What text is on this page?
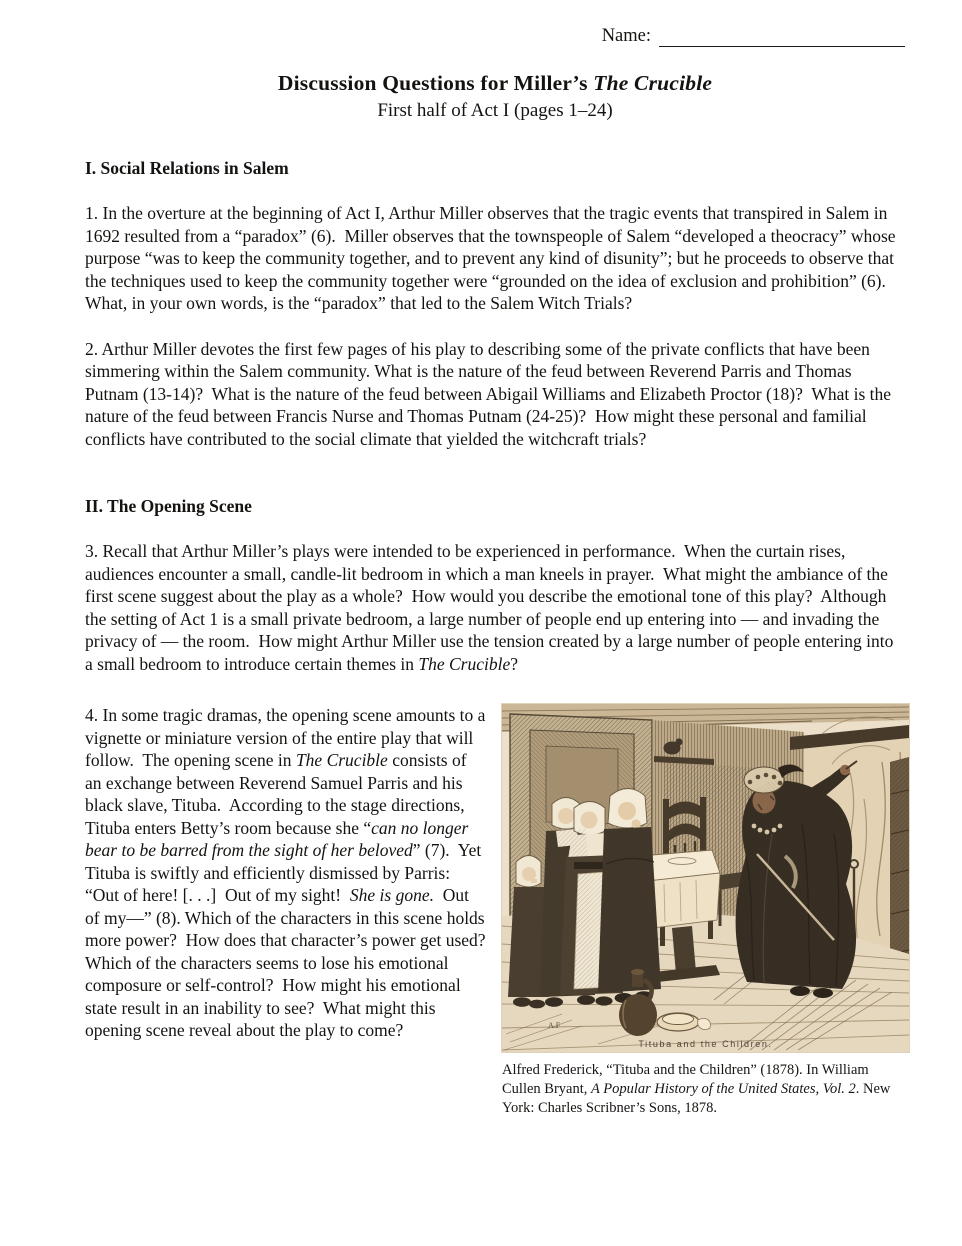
Name:
Discussion Questions for Miller’s The Crucible
First half of Act I (pages 1–24)
I. Social Relations in Salem

1. In the overture at the beginning of Act I, Arthur Miller observes that the tragic events that transpired in Salem in 1692 resulted from a “paradox” (6).  Miller observes that the townspeople of Salem “developed a theocracy” whose purpose “was to keep the community together, and to prevent any kind of disunity”; but he proceeds to observe that the techniques used to keep the community together were “grounded on the idea of exclusion and prohibition” (6).  What, in your own words, is the “paradox” that led to the Salem Witch Trials?

2. Arthur Miller devotes the first few pages of his play to describing some of the private conflicts that have been simmering within the Salem community. What is the nature of the feud between Reverend Parris and Thomas Putnam (13-14)?  What is the nature of the feud between Abigail Williams and Elizabeth Proctor (18)?  What is the nature of the feud between Francis Nurse and Thomas Putnam (24-25)?  How might these personal and familial conflicts have contributed to the social climate that yielded the witchcraft trials?

II. The Opening Scene

3. Recall that Arthur Miller’s plays were intended to be experienced in performance.  When the curtain rises, audiences encounter a small, candle-lit bedroom in which a man kneels in prayer.  What might the ambiance of the first scene suggest about the play as a whole?  How would you describe the emotional tone of this play?  Although the setting of Act 1 is a small private bedroom, a large number of people end up entering into — and invading the privacy of — the room.  How might Arthur Miller use the tension created by a large number of people entering into a small bedroom to introduce certain themes in The Crucible?

4. In some tragic dramas, the opening scene amounts to a vignette or miniature version of the entire play that will follow.  The opening scene in The Crucible consists of an exchange between Reverend Samuel Parris and his black slave, Tituba.  According to the stage directions, Tituba enters Betty’s room because she “can no longer bear to be barred from the sight of her beloved” (7).  Yet Tituba is swiftly and efficiently dismissed by Parris: “Out of here! [. . .]  Out of my sight!  She is gone.  Out of my—” (8). Which of the characters in this scene holds more power?  How does that character’s power get used?  Which of the characters seems to lose his emotional composure or self-control?  How might his emotional state result in an inability to see?  What might this opening scene reveal about the play to come?	A.F
Tituba and the Children.
Alfred Frederick, “Tituba and the Children” (1878). In William Cullen Bryant, A Popular History of the United States, Vol. 2. New York: Charles Scribner’s Sons, 1878.
